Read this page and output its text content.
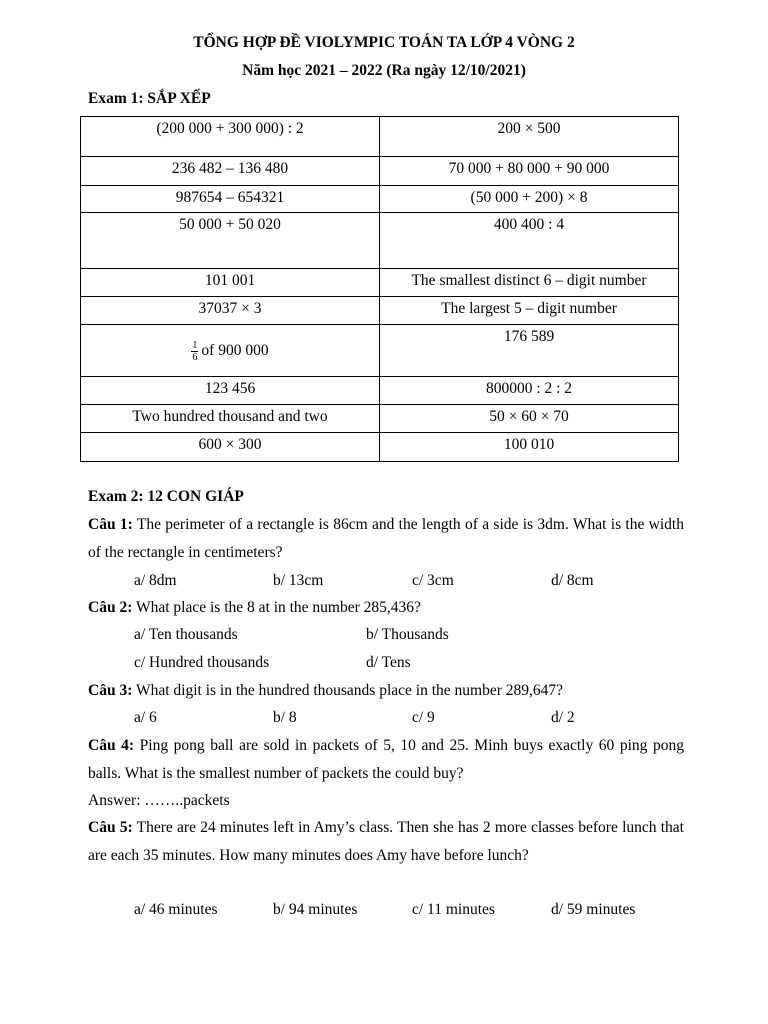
TỔNG HỢP ĐỀ VIOLYMPIC TOÁN TA LỚP 4 VÒNG 2
Năm học 2021 – 2022 (Ra ngày 12/10/2021)
Exam 1: SẮP XẾP
(200 000 + 300 000) : 2	200 × 500
236 482 – 136 480	70 000 + 80 000 + 90 000
987654 – 654321	(50 000 + 200) × 8
50 000 + 50 020	400 400 : 4
101 001	The smallest distinct 6 – digit number
37037 × 3	The largest 5 – digit number

$\frac{1}{6}$ of 900 000	176 589
123 456	800000 : 2 : 2
Two hundred thousand and two	50 × 60 × 70
600 × 300	100 010
Exam 2: 12 CON GIÁP
Câu 1: The perimeter of a rectangle is 86cm and the length of a side is 3dm. What is the width of the rectangle in centimeters?
a/ 8dm	b/ 13cm	c/ 3cm	d/ 8cm
Câu 2: What place is the 8 at in the number 285,436?
a/ Ten thousands	b/ Thousands
c/ Hundred thousands	d/ Tens
Câu 3: What digit is in the hundred thousands place in the number 289,647?
a/ 6	b/ 8	c/ 9	d/ 2
Câu 4: Ping pong ball are sold in packets of 5, 10 and 25. Minh buys exactly 60 ping pong balls. What is the smallest number of packets the could buy?
Answer: ……..packets
Câu 5: There are 24 minutes left in Amy’s class. Then she has 2 more classes before lunch that are each 35 minutes. How many minutes does Amy have before lunch?
a/ 46 minutes	b/ 94 minutes	c/ 11 minutes	d/ 59 minutes
